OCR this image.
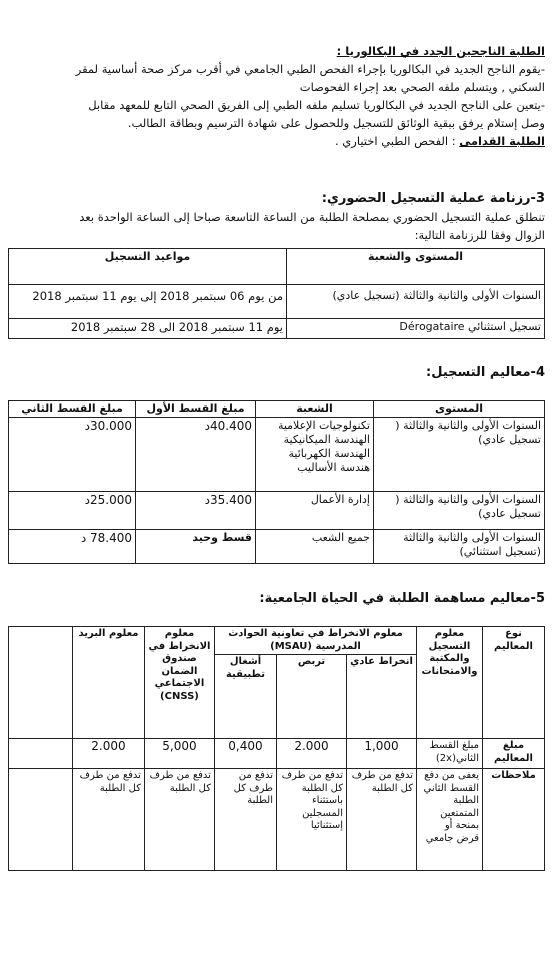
الطلبة الناجحين الجدد في البكالوريا :
-يقوم الناجح الجديد في البكالوريا بإجراء الفحص الطبي الجامعي في أقرب مركز صحة أساسية لمقر
السكني , ويتسلم ملفه الصحي بعد إجراء الفحوصات
-يتعين على الناجح الجديد في البكالوريا تسليم ملفه الطبي إلى الفريق الصحي التابع للمعهد مقابل
وصل إستلام يرفق ببقية الوثائق للتسجيل وللحصول على شهادة الترسيم وبطاقة الطالب.
الطلبة القدامى : الفحص الطبي اختياري .
3-رزنامة عملية التسجيل الحضوري:
تنطلق عملية التسجيل الحضوري بمصلحة الطلبة من الساعة التاسعة صباحا إلى الساعة الواحدة بعد
الزوال وفقا للرزنامة التالية:
المستوى والشعبة	مواعيد التسجيل
السنوات الأولى والثانية والثالثة (تسجيل عادي)	من يوم 06 سبتمبر 2018 إلى يوم 11 سبتمبر 2018
تسجيل استثنائي Dérogataire	يوم 11 سبتمبر 2018 الى 28 سبتمبر 2018
4-معاليم التسجيل:
المستوى	الشعبة	مبلغ القسط الأول	مبلغ القسط الثاني
السنوات الأولى والثانية والثالثة ( تسجيل عادي)	تكنولوجيات الإعلامية
الهندسة الميكانيكية
الهندسة الكهربائية
هندسة الأساليب	40.400د	30.000د
السنوات الأولى والثانية والثالثة ( تسجيل عادي)	إدارة الأعمال	35.400د	25.000د
السنوات الأولى والثانية والثالثة (تسجيل استثنائي)	جميع الشعب	قسط وحيد	78.400 د
5-معاليم مساهمة الطلبة في الحياة الجامعية:
نوع المعاليم	معلوم التسجيل والمكتبة والامتحانات	معلوم الانخراط في تعاونية الحوادث المدرسية (MSAU)			معلوم الانخراط في صندوق الضمان الاجتماعي (CNSS)	معلوم البريد	
		انخراط عادي	تربص	أشغال تطبيقية			
مبلغ المعاليم	مبلغ القسط الثاني(2x)	1,000	2.000	0,400	5,000	2.000	
ملاحظات	يعفى من دفع القسط الثاني الطلبة المتمتعين بمنحة أو قرض جامعي	تدفع من طرف كل الطلبة	تدفع من طرف كل الطلبة باستثناء المسجلين إستثنائيا	تدفع من طرف كل الطلبة	تدفع من طرف كل الطلبة	تدفع من طرف كل الطلبة	
